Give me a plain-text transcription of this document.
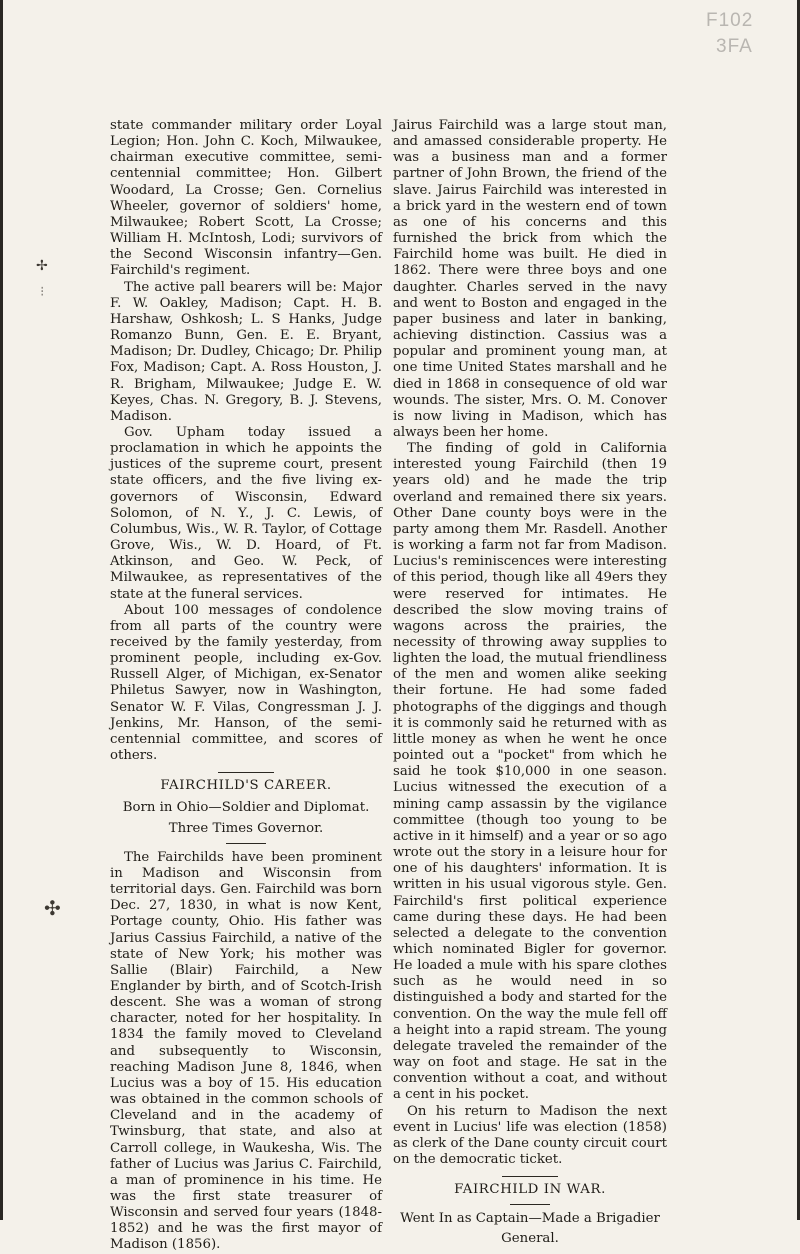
F102
3FA
✢
⁝
✣

state commander military order Loyal Legion; Hon. John C. Koch, Milwaukee, chairman executive committee, semi-centennial committee; Hon. Gilbert Woodard, La Crosse; Gen. Cornelius Wheeler, governor of soldiers' home, Milwaukee; Robert Scott, La Crosse; William H. McIntosh, Lodi; survivors of the Second Wisconsin infantry—Gen. Fairchild's regiment.

The active pall bearers will be: Major F. W. Oakley, Madison; Capt. H. B. Harshaw, Oshkosh; L. S Hanks, Judge Romanzo Bunn, Gen. E. E. Bryant, Madison; Dr. Dudley, Chicago; Dr. Philip Fox, Madison; Capt. A. Ross Houston, J. R. Brigham, Milwaukee; Judge E. W. Keyes, Chas. N. Gregory, B. J. Stevens, Madison.

Gov. Upham today issued a proclamation in which he appoints the justices of the supreme court, present state officers, and the five living ex-governors of Wisconsin, Edward Solomon, of N. Y., J. C. Lewis, of Columbus, Wis., W. R. Taylor, of Cottage Grove, Wis., W. D. Hoard, of Ft. Atkinson, and Geo. W. Peck, of Milwaukee, as representatives of the state at the funeral services.

About 100 messages of condolence from all parts of the country were received by the family yesterday, from prominent people, including ex-Gov. Russell Alger, of Michigan, ex-Senator Philetus Sawyer, now in Washington, Senator W. F. Vilas, Congressman J. J. Jenkins, Mr. Hanson, of the semi-centennial committee, and scores of others.

FAIRCHILD'S CAREER.

Born in Ohio—Soldier and Diplomat.

Three Times Governor.

The Fairchilds have been prominent in Madison and Wisconsin from territorial days. Gen. Fairchild was born Dec. 27, 1830, in what is now Kent, Portage county, Ohio. His father was Jarius Cassius Fairchild, a native of the state of New York; his mother was Sallie (Blair) Fairchild, a New Englander by birth, and of Scotch-Irish descent. She was a woman of strong character, noted for her hospitality. In 1834 the family moved to Cleveland and subsequently to Wisconsin, reaching Madison June 8, 1846, when Lucius was a boy of 15. His education was obtained in the common schools of Cleveland and in the academy of Twinsburg, that state, and also at Carroll college, in Waukesha, Wis. The father of Lucius was Jarius C. Fairchild, a man of prominence in his time. He was the first state treasurer of Wisconsin and served four years (1848-1852) and he was the first mayor of Madison (1856).

Jairus Fairchild was a large stout man, and amassed considerable property. He was a business man and a former partner of John Brown, the friend of the slave. Jairus Fairchild was interested in a brick yard in the western end of town as one of his concerns and this furnished the brick from which the Fairchild home was built. He died in 1862. There were three boys and one daughter. Charles served in the navy and went to Boston and engaged in the paper business and later in banking, achieving distinction. Cassius was a popular and prominent young man, at one time United States marshall and he died in 1868 in consequence of old war wounds. The sister, Mrs. O. M. Conover is now living in Madison, which has always been her home.

The finding of gold in California interested young Fairchild (then 19 years old) and he made the trip overland and remained there six years. Other Dane county boys were in the party among them Mr. Rasdell. Another is working a farm not far from Madison. Lucius's reminiscences were interesting of this period, though like all 49ers they were reserved for intimates. He described the slow moving trains of wagons across the prairies, the necessity of throwing away supplies to lighten the load, the mutual friendliness of the men and women alike seeking their fortune. He had some faded photographs of the diggings and though it is commonly said he returned with as little money as when he went he once pointed out a "pocket" from which he said he took $10,000 in one season. Lucius witnessed the execution of a mining camp assassin by the vigilance committee (though too young to be active in it himself) and a year or so ago wrote out the story in a leisure hour for one of his daughters' information. It is written in his usual vigorous style. Gen. Fairchild's first political experience came during these days. He had been selected a delegate to the convention which nominated Bigler for governor. He loaded a mule with his spare clothes such as he would need in so distinguished a body and started for the convention. On the way the mule fell off a height into a rapid stream. The young delegate traveled the remainder of the way on foot and stage. He sat in the convention without a coat, and without a cent in his pocket.

On his return to Madison the next event in Lucius' life was election (1858) as clerk of the Dane county circuit court on the democratic ticket.

FAIRCHILD IN WAR.

Went In as Captain—Made a Brigadier

General.
